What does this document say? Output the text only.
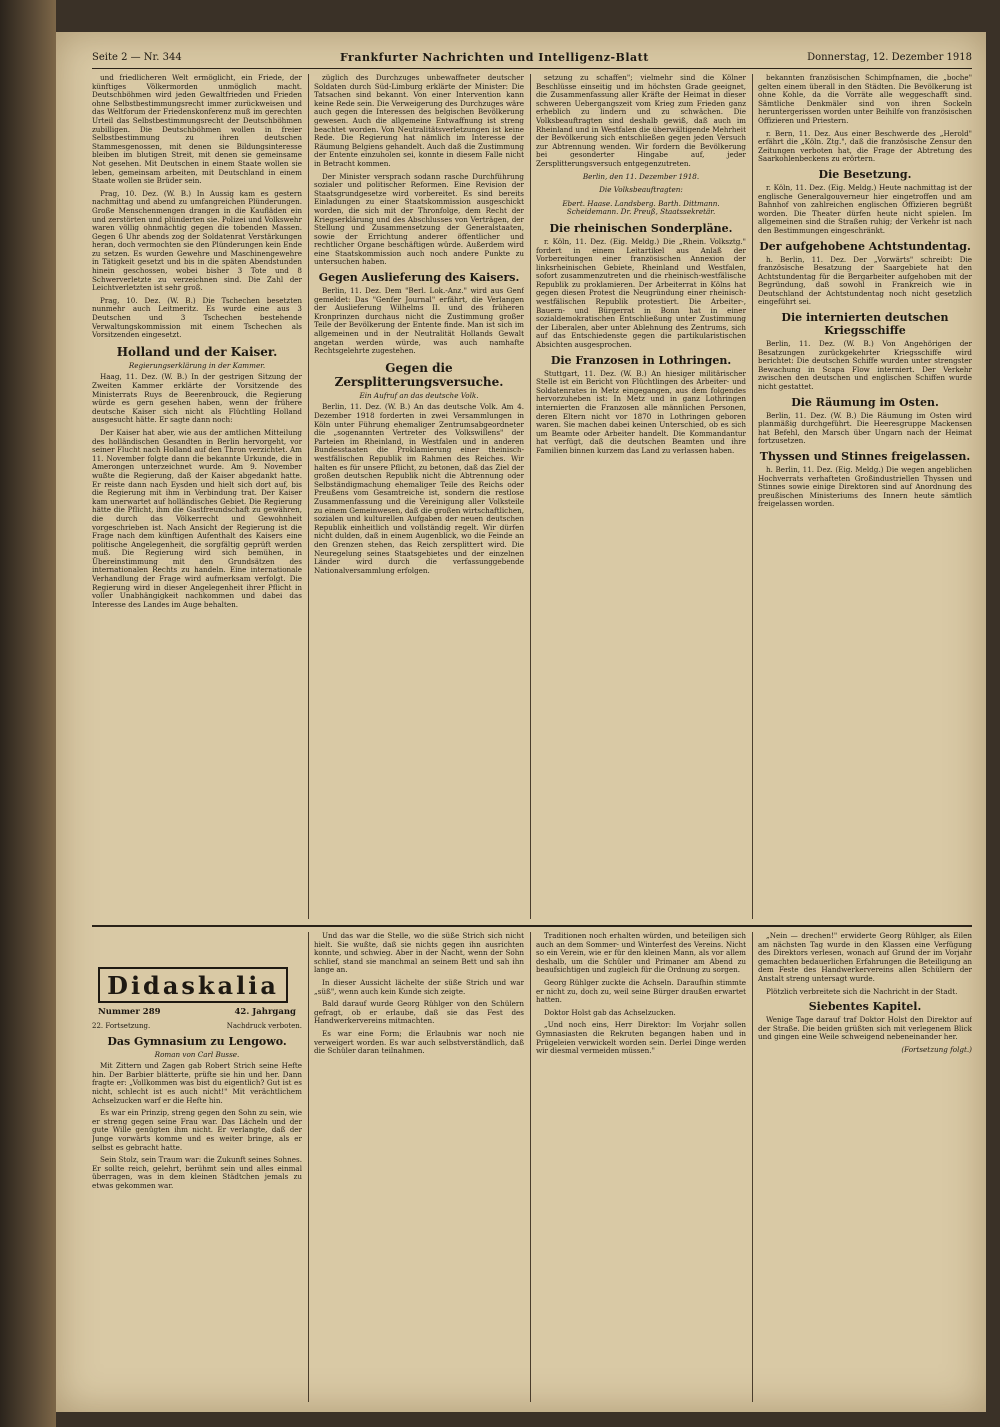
Seite 2 — Nr. 344	Frankfurter Nachrichten und Intelligenz-Blatt	Donnerstag, 12. Dezember 1918

und friedlicheren Welt ermöglicht, ein Friede, der künftiges Völkermorden unmöglich macht. Deutschböhmen wird jeden Gewaltfrieden und Frieden ohne Selbstbestimmungsrecht immer zurückweisen und das Weltforum der Friedenskonferenz muß im gerechten Urteil das Selbstbestimmungsrecht der Deutschböhmen zubilligen. Die Deutschböhmen wollen in freier Selbstbestimmung zu ihren deutschen Stammesgenossen, mit denen sie Bildungsinteresse bleiben im blutigen Streit, mit denen sie gemeinsame Not gesehen. Mit Deutschen in einem Staate wollen sie leben, gemeinsam arbeiten, mit Deutschland in einem Staate wollen sie Brüder sein.

Prag, 10. Dez. (W. B.) In Aussig kam es gestern nachmittag und abend zu umfangreichen Plünderungen. Große Menschenmengen drangen in die Kaufläden ein und zerstörten und plünderten sie. Polizei und Volkswehr waren völlig ohnmächtig gegen die tobenden Massen. Gegen 6 Uhr abends zog der Soldatenrat Verstärkungen heran, doch vermochten sie den Plünderungen kein Ende zu setzen. Es wurden Gewehre und Maschinengewehre in Tätigkeit gesetzt und bis in die späten Abendstunden hinein geschossen, wobei bisher 3 Tote und 8 Schwerverletzte zu verzeichnen sind. Die Zahl der Leichtverletzten ist sehr groß.

Prag, 10. Dez. (W. B.) Die Tschechen besetzten nunmehr auch Leitmeritz. Es wurde eine aus 3 Deutschen und 3 Tschechen bestehende Verwaltungskommission mit einem Tschechen als Vorsitzenden eingesetzt.

Holland und der Kaiser.
Regierungserklärung in der Kammer.

Haag, 11. Dez. (W. B.) In der gestrigen Sitzung der Zweiten Kammer erklärte der Vorsitzende des Ministerrats Ruys de Beerenbrouck, die Regierung würde es gern gesehen haben, wenn der frühere deutsche Kaiser sich nicht als Flüchtling Holland ausgesucht hätte. Er sagte dann noch:

Der Kaiser hat aber, wie aus der amtlichen Mitteilung des holländischen Gesandten in Berlin hervorgeht, vor seiner Flucht nach Holland auf den Thron verzichtet. Am 11. November folgte dann die bekannte Urkunde, die in Amerongen unterzeichnet wurde. Am 9. November wußte die Regierung, daß der Kaiser abgedankt hatte. Er reiste dann nach Eysden und hielt sich dort auf, bis die Regierung mit ihm in Verbindung trat. Der Kaiser kam unerwartet auf holländisches Gebiet. Die Regierung hätte die Pflicht, ihm die Gastfreundschaft zu gewähren, die durch das Völkerrecht und Gewohnheit vorgeschrieben ist. Nach Ansicht der Regierung ist die Frage nach dem künftigen Aufenthalt des Kaisers eine politische Angelegenheit, die sorgfältig geprüft werden muß. Die Regierung wird sich bemühen, in Übereinstimmung mit den Grundsätzen des internationalen Rechts zu handeln. Eine internationale Verhandlung der Frage wird aufmerksam verfolgt. Die Regierung wird in dieser Angelegenheit ihrer Pflicht in voller Unabhängigkeit nachkommen und dabei das Interesse des Landes im Auge behalten.

züglich des Durchzuges unbewaffneter deutscher Soldaten durch Süd-Limburg erklärte der Minister: Die Tatsachen sind bekannt. Von einer Intervention kann keine Rede sein. Die Verweigerung des Durchzuges wäre auch gegen die Interessen des belgischen Bevölkerung gewesen. Auch die allgemeine Entwaffnung ist streng beachtet worden. Von Neutralitätsverletzungen ist keine Rede. Die Regierung hat nämlich im Interesse der Räumung Belgiens gehandelt. Auch daß die Zustimmung der Entente einzuholen sei, konnte in diesem Falle nicht in Betracht kommen.

Der Minister versprach sodann rasche Durchführung sozialer und politischer Reformen. Eine Revision der Staatsgrundgesetze wird vorbereitet. Es sind bereits Einladungen zu einer Staatskommission ausgeschickt worden, die sich mit der Thronfolge, dem Recht der Kriegserklärung und des Abschlusses von Verträgen, der Stellung und Zusammensetzung der Generalstaaten, sowie der Errichtung anderer öffentlicher und rechtlicher Organe beschäftigen würde. Außerdem wird eine Staatskommission auch noch andere Punkte zu untersuchen haben.

Gegen Auslieferung des Kaisers.

Berlin, 11. Dez. Dem "Berl. Lok.-Anz." wird aus Genf gemeldet: Das "Genfer Journal" erfährt, die Verlangen der Auslieferung Wilhelms II. und des früheren Kronprinzen durchaus nicht die Zustimmung großer Teile der Bevölkerung der Entente finde. Man ist sich im allgemeinen und in der Neutralität Hollands Gewalt angetan werden würde, was auch namhafte Rechtsgelehrte zugestehen.

Gegen die Zersplitterungsversuche.
Ein Aufruf an das deutsche Volk.

Berlin, 11. Dez. (W. B.) An das deutsche Volk. Am 4. Dezember 1918 forderten in zwei Versammlungen in Köln unter Führung ehemaliger Zentrumsabgeordneter die „sogenannten Vertreter des Volkswillens" der Parteien im Rheinland, in Westfalen und in anderen Bundesstaaten die Proklamierung einer theinisch-westfälischen Republik im Rahmen des Reiches. Wir halten es für unsere Pflicht, zu betonen, daß das Ziel der großen deutschen Republik nicht die Abtrennung oder Selbständigmachung ehemaliger Teile des Reichs oder Preußens vom Gesamtreiche ist, sondern die restlose Zusammenfassung und die Vereinigung aller Volksteile zu einem Gemeinwesen, daß die großen wirtschaftlichen, sozialen und kulturellen Aufgaben der neuen deutschen Republik einheitlich und vollständig regelt. Wir dürfen nicht dulden, daß in einem Augenblick, wo die Feinde an den Grenzen stehen, das Reich zersplittert wird. Die Neuregelung seines Staatsgebietes und der einzelnen Länder wird durch die verfassunggebende Nationalversammlung erfolgen.

setzung zu schaffen"; vielmehr sind die Kölner Beschlüsse einseitig und im höchsten Grade geeignet, die Zusammenfassung aller Kräfte der Heimat in dieser schweren Uebergangszeit vom Krieg zum Frieden ganz erheblich zu lindern und zu schwächen. Die Volksbeauftragten sind deshalb gewiß, daß auch im Rheinland und in Westfalen die überwältigende Mehrheit der Bevölkerung sich entschließen gegen jeden Versuch zur Abtrennung wenden. Wir fordern die Bevölkerung bei gesonderter Hingabe auf, jeder Zersplitterungsversuch entgegenzutreten.

Berlin, den 11. Dezember 1918.
Die Volksbeauftragten:
Ebert. Haase. Landsberg. Barth. Dittmann. Scheidemann. Dr. Preuß, Staatssekretär.
Die rheinischen Sonderpläne.

r. Köln, 11. Dez. (Eig. Meldg.) Die „Rhein. Volksztg." fordert in einem Leitartikel aus Anlaß der Vorbereitungen einer französischen Annexion der linksrheinischen Gebiete, Rheinland und Westfalen, sofort zusammenzutreten und die rheinisch-westfälische Republik zu proklamieren. Der Arbeiterrat in Kölns hat gegen diesen Protest die Neugründung einer rheinisch-westfälischen Republik protestiert. Die Arbeiter-, Bauern- und Bürgerrat in Bonn hat in einer sozialdemokratischen Entschließung unter Zustimmung der Liberalen, aber unter Ablehnung des Zentrums, sich auf das Entschiedenste gegen die partikularistischen Absichten ausgesprochen.

Die Franzosen in Lothringen.

Stuttgart, 11. Dez. (W. B.) An hiesiger militärischer Stelle ist ein Bericht von Flüchtlingen des Arbeiter- und Soldatenrates in Metz eingegangen, aus dem folgendes hervorzuheben ist: In Metz und in ganz Lothringen internierten die Franzosen alle männlichen Personen, deren Eltern nicht vor 1870 in Lothringen geboren waren. Sie machen dabei keinen Unterschied, ob es sich um Beamte oder Arbeiter handelt. Die Kommandantur hat verfügt, daß die deutschen Beamten und ihre Familien binnen kurzem das Land zu verlassen haben.

bekannten französischen Schimpfnamen, die „boche" gelten einem überall in den Städten. Die Bevölkerung ist ohne Kohle, da die Vorräte alle weggeschafft sind. Sämtliche Denkmäler sind von ihren Sockeln heruntergerissen worden unter Beihilfe von französischen Offizieren und Priestern.

r. Bern, 11. Dez. Aus einer Beschwerde des „Herold" erfährt die „Köln. Ztg.", daß die französische Zensur den Zeitungen verboten hat, die Frage der Abtretung des Saarkohlenbeckens zu erörtern.

Die Besetzung.

r. Köln, 11. Dez. (Eig. Meldg.) Heute nachmittag ist der englische Generalgouverneur hier eingetroffen und am Bahnhof von zahlreichen englischen Offizieren begrüßt worden. Die Theater dürfen heute nicht spielen. Im allgemeinen sind die Straßen ruhig; der Verkehr ist nach den Bestimmungen eingeschränkt.

Der aufgehobene Achtstundentag.

h. Berlin, 11. Dez. Der „Vorwärts" schreibt: Die französische Besatzung der Saargebiete hat den Achtstundentag für die Bergarbeiter aufgehoben mit der Begründung, daß sowohl in Frankreich wie in Deutschland der Achtstundentag noch nicht gesetzlich eingeführt sei.

Die internierten deutschen Kriegsschiffe

Berlin, 11. Dez. (W. B.) Von Angehörigen der Besatzungen zurückgekehrter Kriegsschiffe wird berichtet: Die deutschen Schiffe wurden unter strengster Bewachung in Scapa Flow interniert. Der Verkehr zwischen den deutschen und englischen Schiffen wurde nicht gestattet.

Die Räumung im Osten.

Berlin, 11. Dez. (W. B.) Die Räumung im Osten wird planmäßig durchgeführt. Die Heeresgruppe Mackensen hat Befehl, den Marsch über Ungarn nach der Heimat fortzusetzen.

Thyssen und Stinnes freigelassen.

h. Berlin, 11. Dez. (Eig. Meldg.) Die wegen angeblichen Hochverrats verhafteten Großindustriellen Thyssen und Stinnes sowie einige Direktoren sind auf Anordnung des preußischen Ministeriums des Innern heute sämtlich freigelassen worden.

Didaskalia
Nummer 289	42. Jahrgang
22. Fortsetzung.	Nachdruck verboten.
Das Gymnasium zu Lengowo.
Roman von Carl Busse.

Mit Zittern und Zagen gab Robert Strich seine Hefte hin. Der Barbier blätterte, prüfte sie hin und her. Dann fragte er: „Vollkommen was bist du eigentlich? Gut ist es nicht, schlecht ist es auch nicht!" Mit verächtlichem Achselzucken warf er die Hefte hin.

Es war ein Prinzip, streng gegen den Sohn zu sein, wie er streng gegen seine Frau war. Das Lächeln und der gute Wille genügten ihm nicht. Er verlangte, daß der Junge vorwärts komme und es weiter bringe, als er selbst es gebracht hatte.

Sein Stolz, sein Traum war: die Zukunft seines Sohnes. Er sollte reich, gelehrt, berühmt sein und alles einmal überragen, was in dem kleinen Städtchen jemals zu etwas gekommen war.

Und das war die Stelle, wo die süße Strich sich nicht hielt. Sie wußte, daß sie nichts gegen ihn ausrichten konnte, und schwieg. Aber in der Nacht, wenn der Sohn schlief, stand sie manchmal an seinem Bett und sah ihn lange an.

In dieser Aussicht lächelte der süße Strich und war „süß", wenn auch kein Kunde sich zeigte.

Bald darauf wurde Georg Rühlger von den Schülern gefragt, ob er erlaube, daß sie das Fest des Handwerkervereins mitmachten.

Es war eine Form; die Erlaubnis war noch nie verweigert worden. Es war auch selbstverständlich, daß die Schüler daran teilnahmen.

Traditionen noch erhalten würden, und beteiligen sich auch an dem Sommer- und Winterfest des Vereins. Nicht so ein Verein, wie er für den kleinen Mann, als vor allem deshalb, um die Schüler und Primaner am Abend zu beaufsichtigen und zugleich für die Ordnung zu sorgen.

Georg Rühlger zuckte die Achseln. Daraufhin stimmte er nicht zu, doch zu, weil seine Bürger draußen erwartet hatten.

Doktor Holst gab das Achselzucken.

„Und noch eins, Herr Direktor: Im Vorjahr sollen Gymnasiasten die Rekruten begangen haben und in Prügeleien verwickelt worden sein. Derlei Dinge werden wir diesmal vermeiden müssen."

„Nein — drechen!" erwiderte Georg Rühlger, als Eilen am nächsten Tag wurde in den Klassen eine Verfügung des Direktors verlesen, wonach auf Grund der im Vorjahr gemachten bedauerlichen Erfahrungen die Beteiligung an dem Feste des Handwerkervereins allen Schülern der Anstalt streng untersagt wurde.

Plötzlich verbreitete sich die Nachricht in der Stadt.

Siebentes Kapitel.

Wenige Tage darauf traf Doktor Holst den Direktor auf der Straße. Die beiden grüßten sich mit verlegenem Blick und gingen eine Weile schweigend nebeneinander her.

(Fortsetzung folgt.)
